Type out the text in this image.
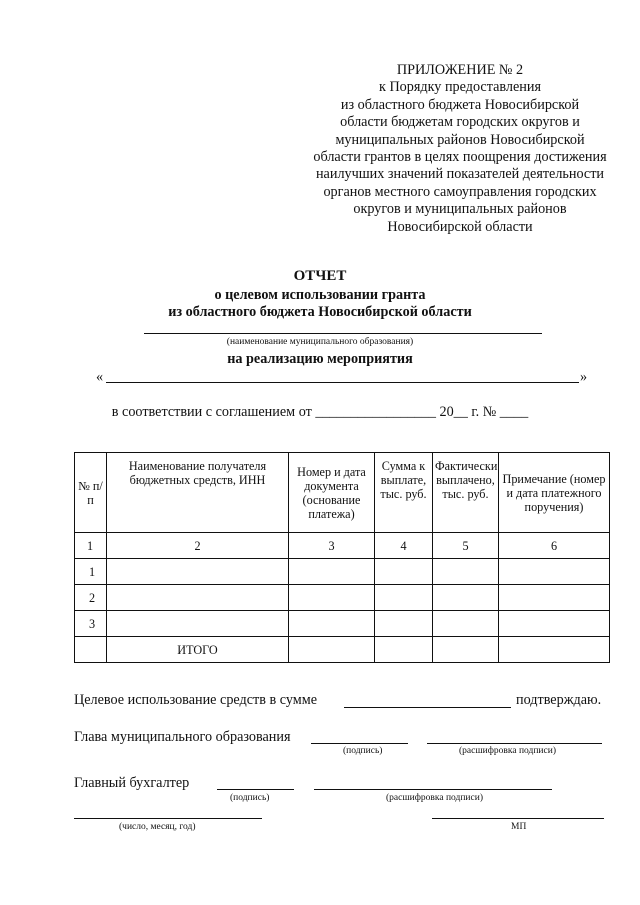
ПРИЛОЖЕНИЕ № 2
к Порядку предоставления
из областного бюджета Новосибирской
области бюджетам городских округов и
муниципальных районов Новосибирской
области грантов в целях поощрения достижения
наилучших значений показателей деятельности
органов местного самоуправления городских
округов и муниципальных районов
Новосибирской области
ОТЧЕТ
о целевом использовании гранта
из областного бюджета Новосибирской области
(наименование муниципального образования)
на реализацию мероприятия
«	»
в соответствии с соглашением от _________________ 20__ г. № ____
№ п/п	Наименование получателя бюджетных средств, ИНН	Номер и дата документа (основание платежа)	Сумма к выплате, тыс. руб.	Фактически выплачено, тыс. руб.	Примечание (номер и дата платежного поручения)
1	2	3	4	5	6
1					
2					
3					
	ИТОГО				
Целевое использование средств в сумме	подтверждаю.
Глава муниципального образования
(подпись)	(расшифровка подписи)
Главный бухгалтер
(подпись)	(расшифровка подписи)
(число, месяц, год)	МП
